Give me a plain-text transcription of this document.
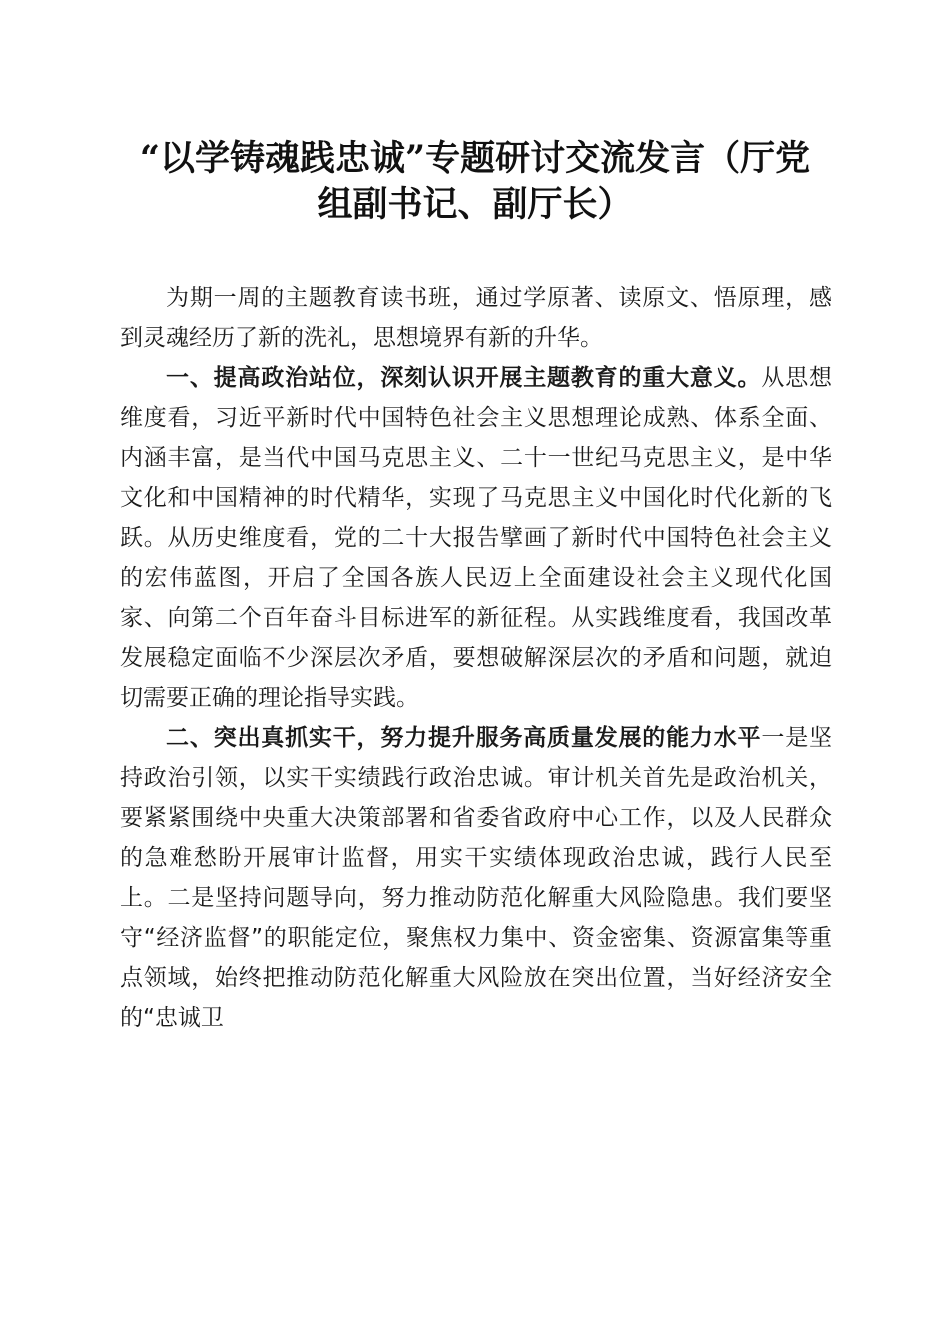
“以学铸魂践忠诚”专题研讨交流发言（厅党
组副书记、副厅长）

为期一周的主题教育读书班，通过学原著、读原文、悟原理，感到灵魂经历了新的洗礼，思想境界有新的升华。

一、提高政治站位，深刻认识开展主题教育的重大意义。从思想维度看，习近平新时代中国特色社会主义思想理论成熟、体系全面、内涵丰富，是当代中国马克思主义、二十一世纪马克思主义，是中华文化和中国精神的时代精华，实现了马克思主义中国化时代化新的飞跃。从历史维度看，党的二十大报告擘画了新时代中国特色社会主义的宏伟蓝图，开启了全国各族人民迈上全面建设社会主义现代化国家、向第二个百年奋斗目标进军的新征程。从实践维度看，我国改革发展稳定面临不少深层次矛盾，要想破解深层次的矛盾和问题，就迫切需要正确的理论指导实践。

二、突出真抓实干，努力提升服务高质量发展的能力水平一是坚持政治引领，以实干实绩践行政治忠诚。审计机关首先是政治机关，要紧紧围绕中央重大决策部署和省委省政府中心工作，以及人民群众的急难愁盼开展审计监督，用实干实绩体现政治忠诚，践行人民至上。二是坚持问题导向，努力推动防范化解重大风险隐患。我们要坚守“经济监督”的职能定位，聚焦权力集中、资金密集、资源富集等重点领域，始终把推动防范化解重大风险放在突出位置，当好经济安全的“忠诚卫
